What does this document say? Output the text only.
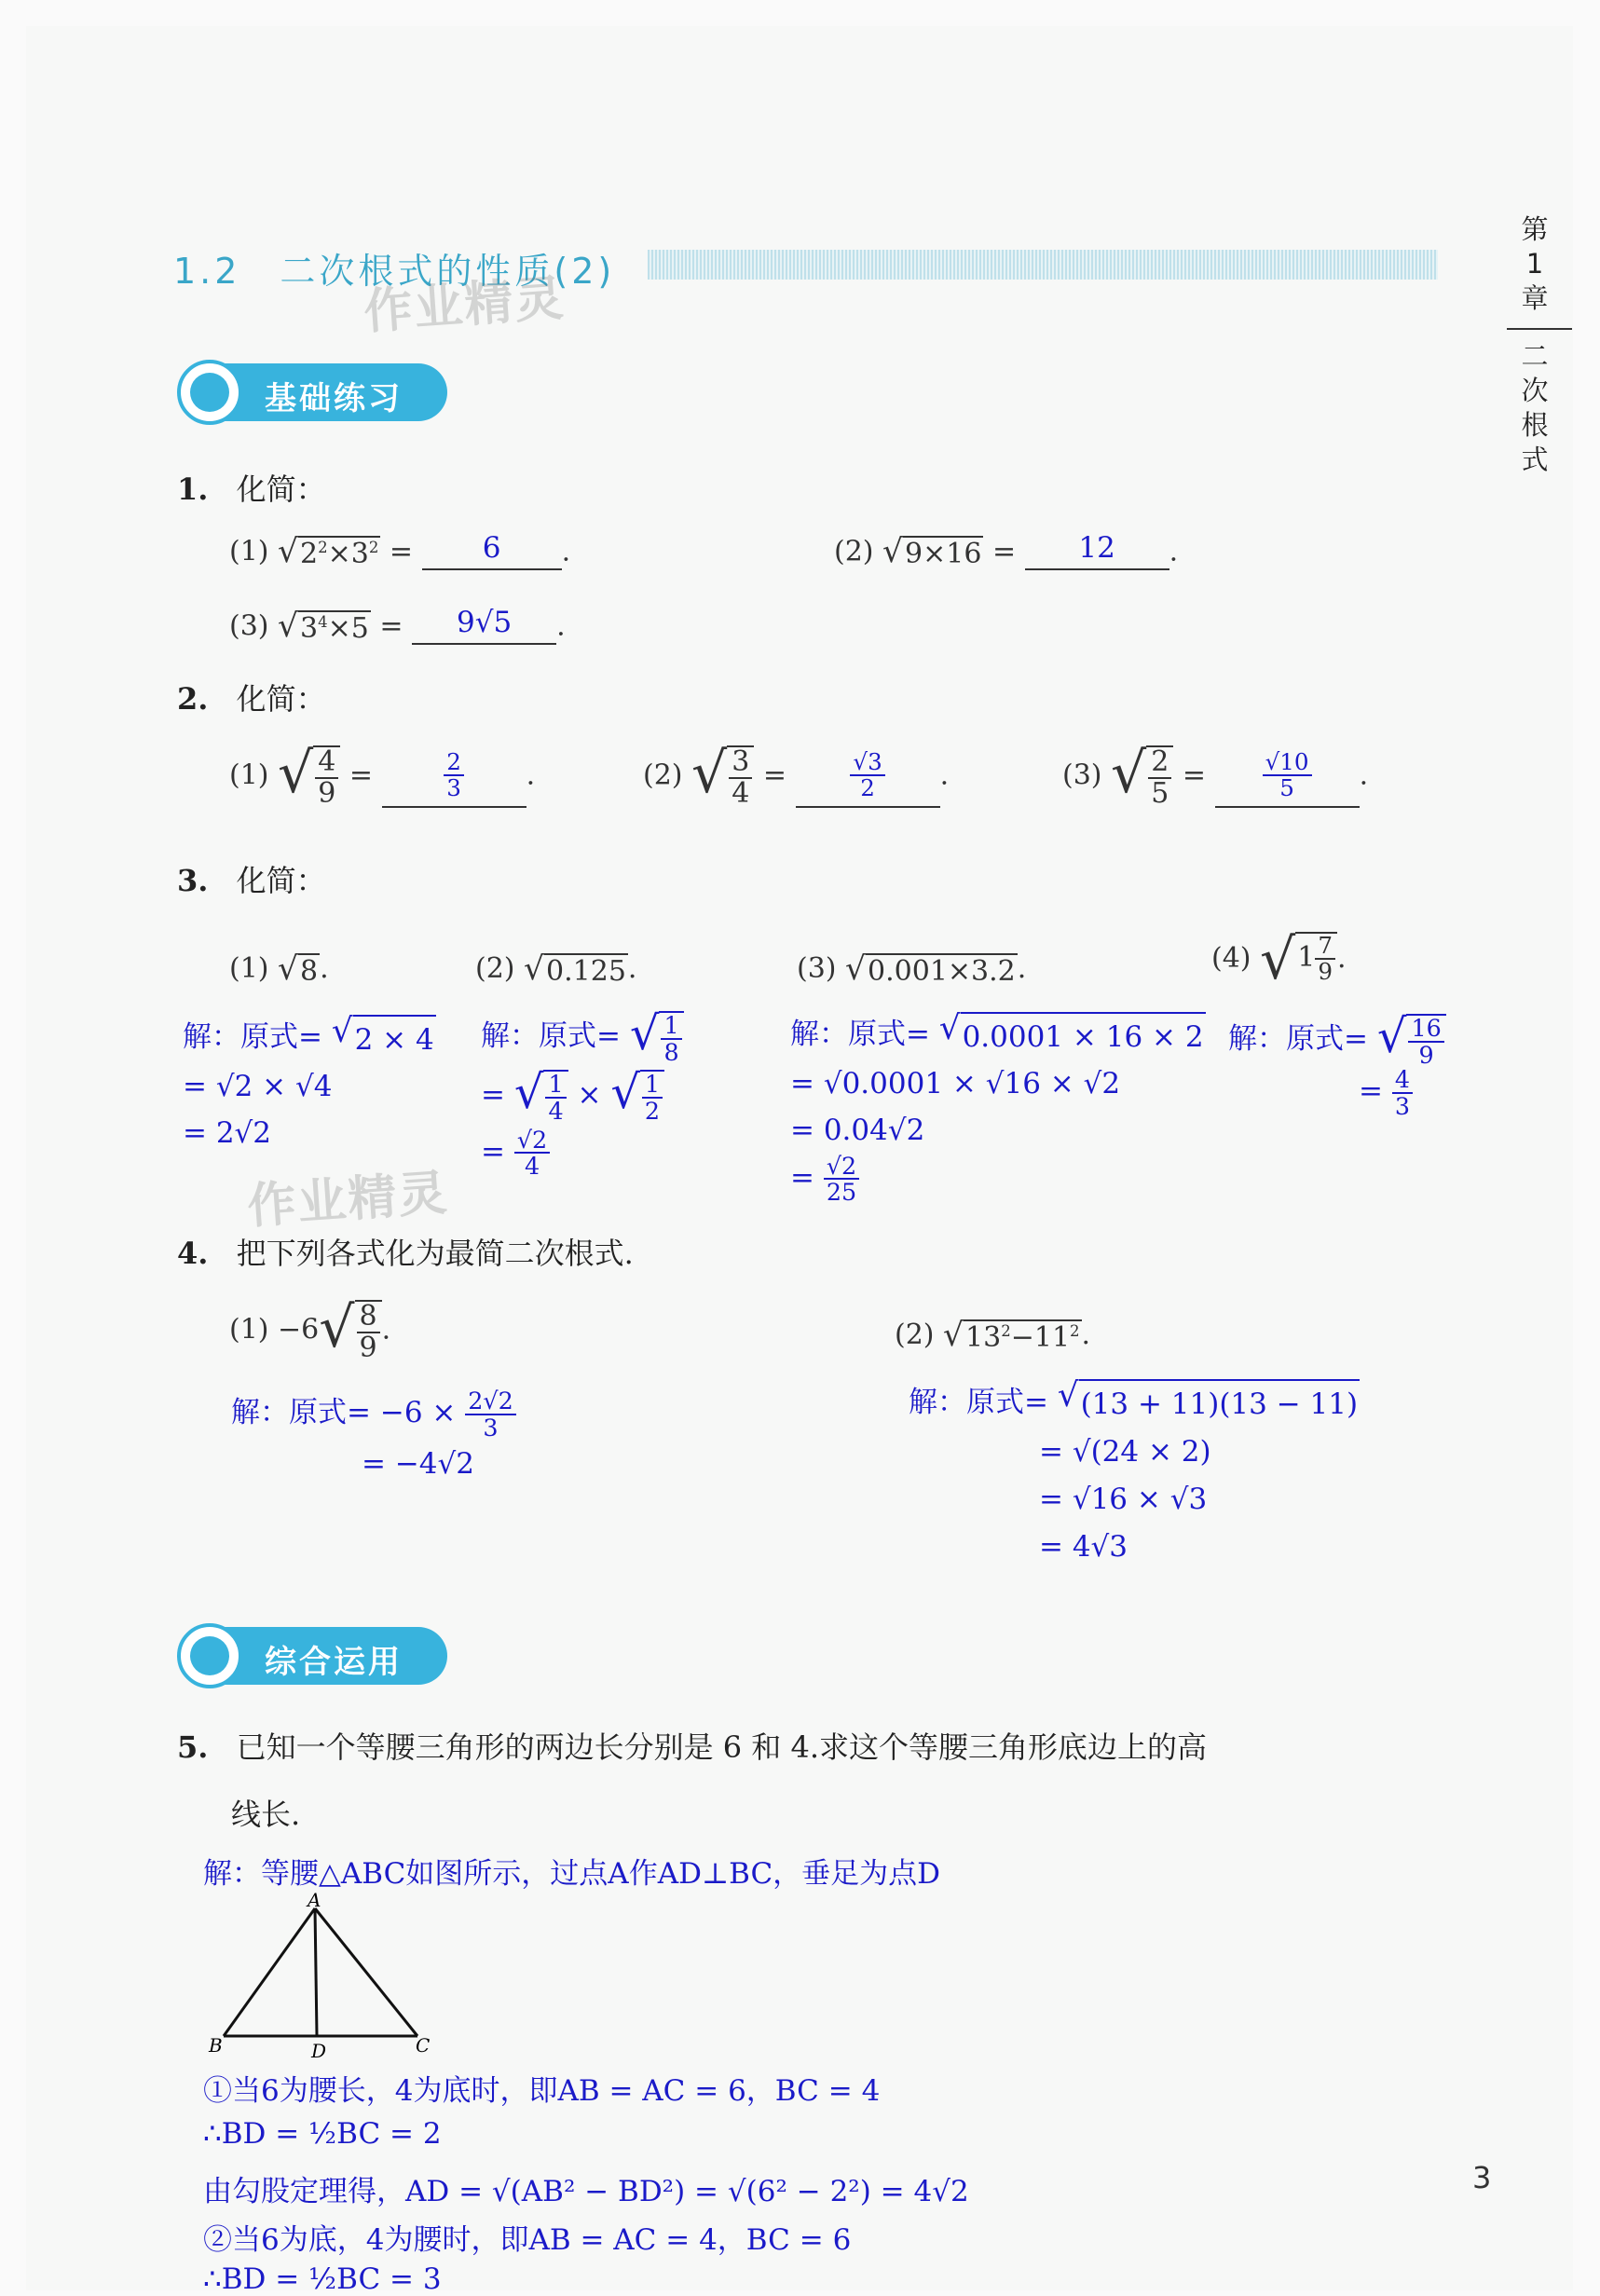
1.2　二次根式的性质(2)
作业精灵
第
1
章
二
次
根
式
基础练习
1. 化简：
(1) √ $2^2\times 3^2 = 6$ .	(2) √ 9×16 = 12 .
(3) √ $3^4\times 5 = 9√5$ .
2. 化简：
(1) √ $\frac{4}{9}$ =	$\frac{2}{3}$ .	(2) √ $\frac{3}{4} = \frac{√3}{2}$ .	(3) √ $\frac{2}{5} = \frac{√10}{5}$ .
3. 化简：
(1) √ 8 .	(2) √ 0.125 .	(3) √ 0.001×3.2 .	(4) √ $1 \frac{7}{9}$ .
解：原式= √ 2 × 4
= √2 × √4
= 2√2
解：原式= √ $\frac{1}{8}$
= √ $\frac{1}{4}$ × √ $\frac{1}{2}$
= $\frac{√2}{4}$
解：原式= √ 0.0001 × 16 × 2
= √0.0001 × √16 × √2
= 0.04√2
= $\frac{√2}{25}$
解：原式= √ $\frac{16}{9}$
= $\frac{4}{3}$
作业精灵
4. 把下列各式化为最简二次根式.
(1) −6 √ $\frac{8}{9}$ .	(2) √ $13^2-11^2$ .
解：原式= $-6 \times \frac{2√2}{3}$
= −4√2
解：原式= √ (13 + 11)(13 − 11)
= √(24 × 2)
= √16 × √3
= 4√3
综合运用
5. 已知一个等腰三角形的两边长分别是 6 和 4.求这个等腰三角形底边上的高
线长.
解：等腰△ABC如图所示，过点A作AD⊥BC，垂足为点D
A
B	C
D
①当6为腰长，4为底时，即AB = AC = 6，BC = 4
∴BD = ½BC = 2
由勾股定理得，AD = √(AB² − BD²) = √(6² − 2²) = 4√2
②当6为底，4为腰时，即AB = AC = 4，BC = 6
∴BD = ½BC = 3
3
